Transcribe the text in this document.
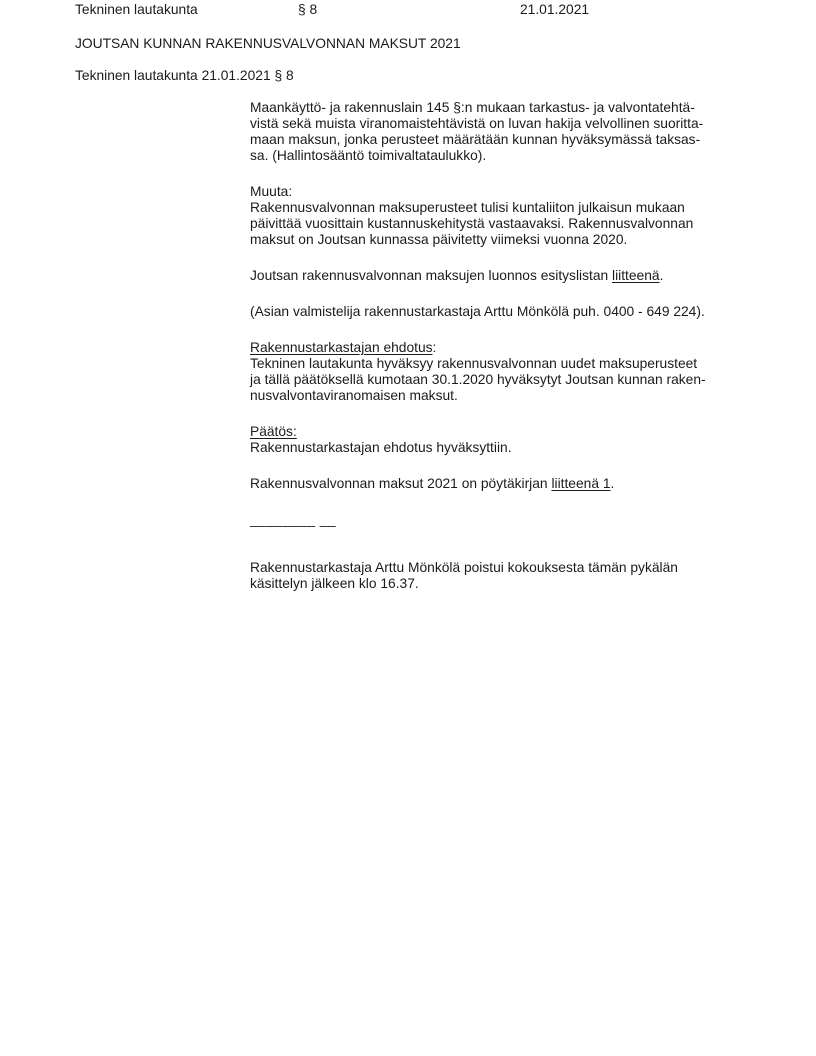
Tekninen lautakunta	§ 8	21.01.2021
JOUTSAN KUNNAN RAKENNUSVALVONNAN MAKSUT 2021
Tekninen lautakunta 21.01.2021 § 8
Maankäyttö- ja rakennuslain 145 §:n mukaan tarkastus- ja valvontatehtä-
vistä sekä muista viranomaistehtävistä on luvan hakija velvollinen suoritta-
maan maksun, jonka perusteet määrätään kunnan hyväksymässä taksas-
sa. (Hallintosääntö toimivaltataulukko).
Muuta:
Rakennusvalvonnan maksuperusteet tulisi kuntaliiton julkaisun mukaan
päivittää vuosittain kustannuskehitystä vastaavaksi. Rakennusvalvonnan
maksut on Joutsan kunnassa päivitetty viimeksi vuonna 2020.
Joutsan rakennusvalvonnan maksujen luonnos esityslistan liitteenä.
(Asian valmistelija rakennustarkastaja Arttu Mönkölä puh. 0400 - 649 224).
Rakennustarkastajan ehdotus:
Tekninen lautakunta hyväksyy rakennusvalvonnan uudet maksuperusteet
ja tällä päätöksellä kumotaan 30.1.2020 hyväksytyt Joutsan kunnan raken-
nusvalvontaviranomaisen maksut.
Päätös:
Rakennustarkastajan ehdotus hyväksyttiin.
Rakennusvalvonnan maksut 2021 on pöytäkirjan liitteenä 1.
________ __
Rakennustarkastaja Arttu Mönkölä poistui kokouksesta tämän pykälän
käsittelyn jälkeen klo 16.37.
